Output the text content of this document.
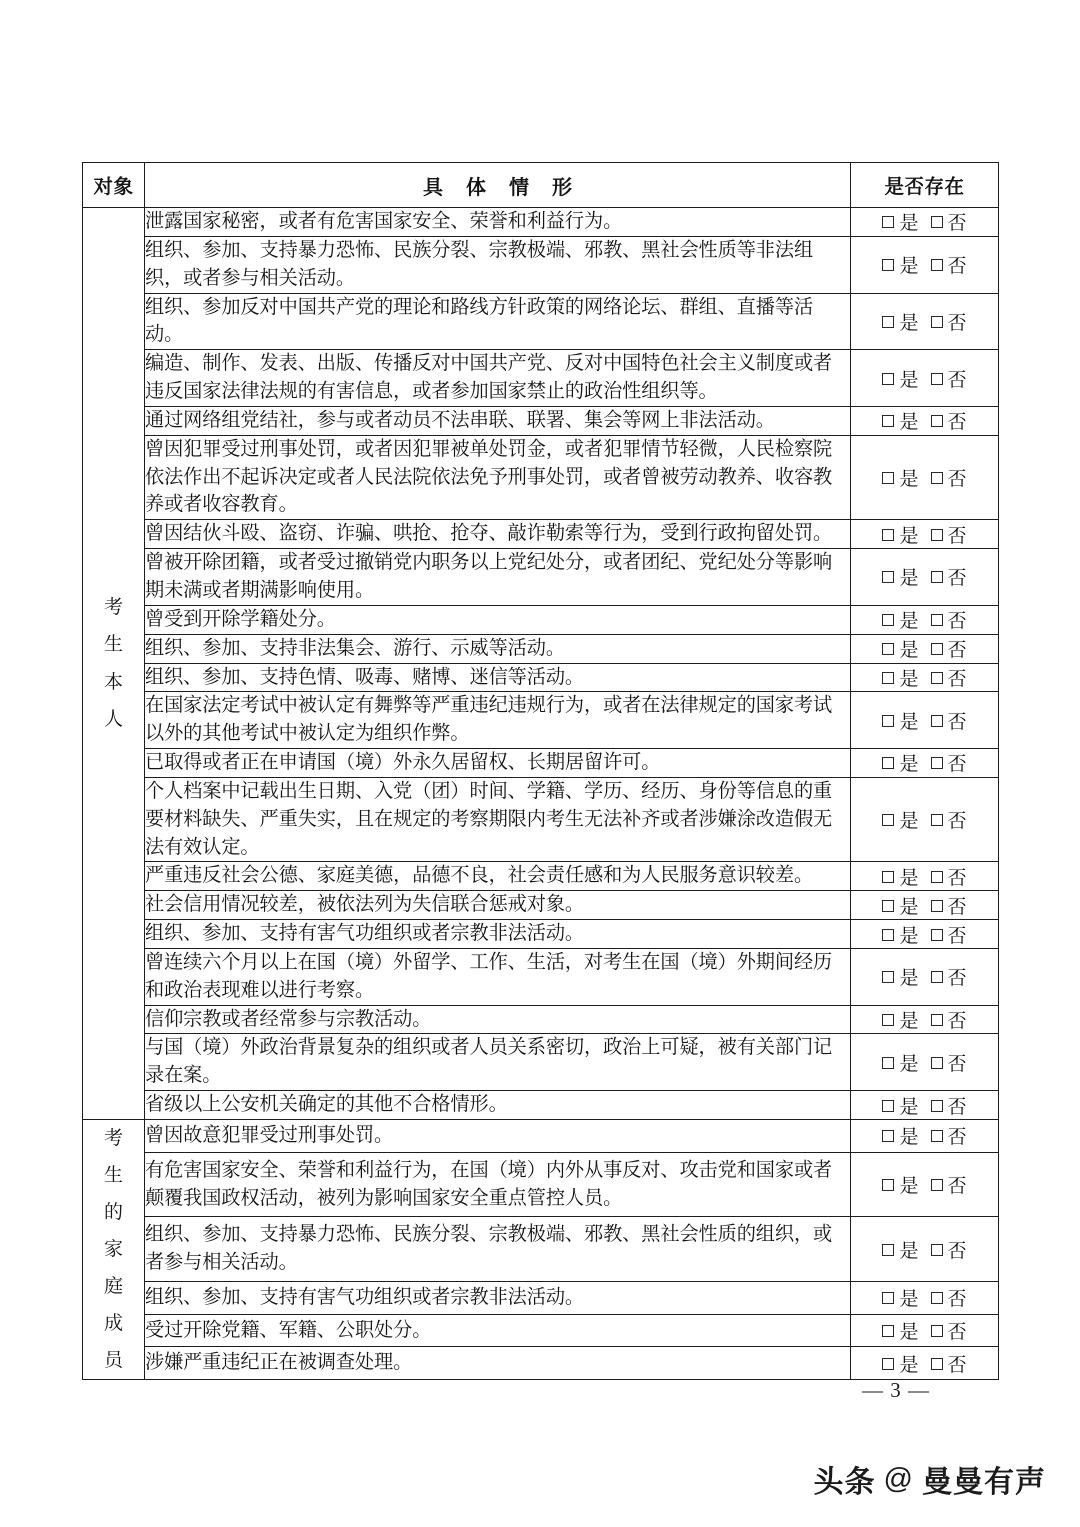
对象	具 体 情 形	是否存在
考生本人	泄露国家秘密，或者有危害国家安全、荣誉和利益行为。	是 否
	组织、参加、支持暴力恐怖、民族分裂、宗教极端、邪教、黑社会性质等非法组织，或者参与相关活动。	是 否
	组织、参加反对中国共产党的理论和路线方针政策的网络论坛、群组、直播等活动。	是 否
	编造、制作、发表、出版、传播反对中国共产党、反对中国特色社会主义制度或者违反国家法律法规的有害信息，或者参加国家禁止的政治性组织等。	是 否
	通过网络组党结社，参与或者动员不法串联、联署、集会等网上非法活动。	是 否
	曾因犯罪受过刑事处罚，或者因犯罪被单处罚金，或者犯罪情节轻微，人民检察院依法作出不起诉决定或者人民法院依法免予刑事处罚，或者曾被劳动教养、收容教养或者收容教育。	是 否
	曾因结伙斗殴、盗窃、诈骗、哄抢、抢夺、敲诈勒索等行为，受到行政拘留处罚。	是 否
	曾被开除团籍，或者受过撤销党内职务以上党纪处分，或者团纪、党纪处分等影响期未满或者期满影响使用。	是 否
	曾受到开除学籍处分。	是 否
	组织、参加、支持非法集会、游行、示威等活动。	是 否
	组织、参加、支持色情、吸毒、赌博、迷信等活动。	是 否
	在国家法定考试中被认定有舞弊等严重违纪违规行为，或者在法律规定的国家考试以外的其他考试中被认定为组织作弊。	是 否
	已取得或者正在申请国（境）外永久居留权、长期居留许可。	是 否
	个人档案中记载出生日期、入党（团）时间、学籍、学历、经历、身份等信息的重要材料缺失、严重失实，且在规定的考察期限内考生无法补齐或者涉嫌涂改造假无法有效认定。	是 否
	严重违反社会公德、家庭美德，品德不良，社会责任感和为人民服务意识较差。	是 否
	社会信用情况较差，被依法列为失信联合惩戒对象。	是 否
	组织、参加、支持有害气功组织或者宗教非法活动。	是 否
	曾连续六个月以上在国（境）外留学、工作、生活，对考生在国（境）外期间经历和政治表现难以进行考察。	是 否
	信仰宗教或者经常参与宗教活动。	是 否
	与国（境）外政治背景复杂的组织或者人员关系密切，政治上可疑，被有关部门记录在案。	是 否
	省级以上公安机关确定的其他不合格情形。	是 否
考生的家庭成员	曾因故意犯罪受过刑事处罚。	是 否
	有危害国家安全、荣誉和利益行为，在国（境）内外从事反对、攻击党和国家或者颠覆我国政权活动，被列为影响国家安全重点管控人员。	是 否
	组织、参加、支持暴力恐怖、民族分裂、宗教极端、邪教、黑社会性质的组织，或者参与相关活动。	是 否
	组织、参加、支持有害气功组织或者宗教非法活动。	是 否
	受过开除党籍、军籍、公职处分。	是 否
	涉嫌严重违纪正在被调查处理。	是 否
— 3 —
头条 @ 曼曼有声
